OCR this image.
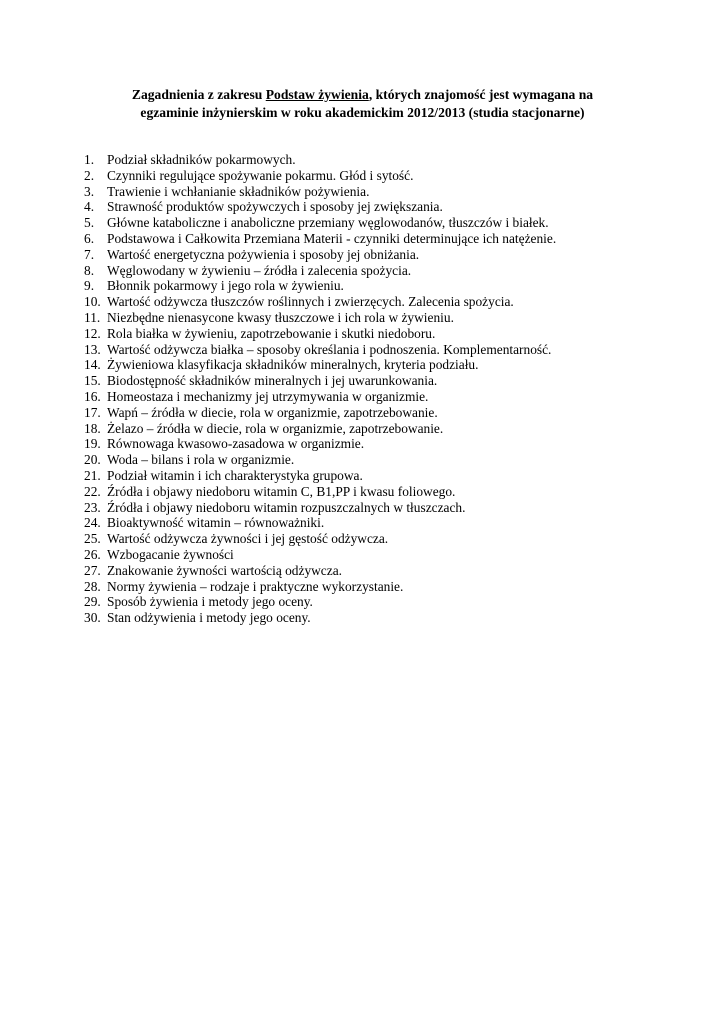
Zagadnienia z zakresu Podstaw żywienia, których znajomość jest wymagana na
egzaminie inżynierskim w roku akademickim 2012/2013 (studia stacjonarne)
1. Podział składników pokarmowych.
2. Czynniki regulujące spożywanie pokarmu. Głód i sytość.
3. Trawienie i wchłanianie składników pożywienia.
4. Strawność produktów spożywczych i sposoby jej zwiększania.
5. Główne kataboliczne i anaboliczne przemiany węglowodanów, tłuszczów i białek.
6. Podstawowa i Całkowita Przemiana Materii - czynniki determinujące ich natężenie.
7. Wartość energetyczna pożywienia i sposoby jej obniżania.
8. Węglowodany w żywieniu – źródła i zalecenia spożycia.
9. Błonnik pokarmowy i jego rola w żywieniu.
10. Wartość odżywcza tłuszczów roślinnych i zwierzęcych. Zalecenia spożycia.
11. Niezbędne nienasycone kwasy tłuszczowe i ich rola w żywieniu.
12. Rola białka w żywieniu, zapotrzebowanie i skutki niedoboru.
13. Wartość odżywcza białka – sposoby określania i podnoszenia. Komplementarność.
14. Żywieniowa klasyfikacja składników mineralnych, kryteria podziału.
15. Biodostępność składników mineralnych i jej uwarunkowania.
16. Homeostaza i mechanizmy jej utrzymywania w organizmie.
17. Wapń – źródła w diecie, rola w organizmie, zapotrzebowanie.
18. Żelazo – źródła w diecie, rola w organizmie, zapotrzebowanie.
19. Równowaga kwasowo-zasadowa w organizmie.
20. Woda – bilans i rola w organizmie.
21. Podział witamin i ich charakterystyka grupowa.
22. Źródła i objawy niedoboru witamin C, B1,PP i kwasu foliowego.
23. Źródła i objawy niedoboru witamin rozpuszczalnych w tłuszczach.
24. Bioaktywność witamin – równoważniki.
25. Wartość odżywcza żywności i jej gęstość odżywcza.
26. Wzbogacanie żywności
27. Znakowanie żywności wartością odżywcza.
28. Normy żywienia – rodzaje i praktyczne wykorzystanie.
29. Sposób żywienia i metody jego oceny.
30. Stan odżywienia i metody jego oceny.
